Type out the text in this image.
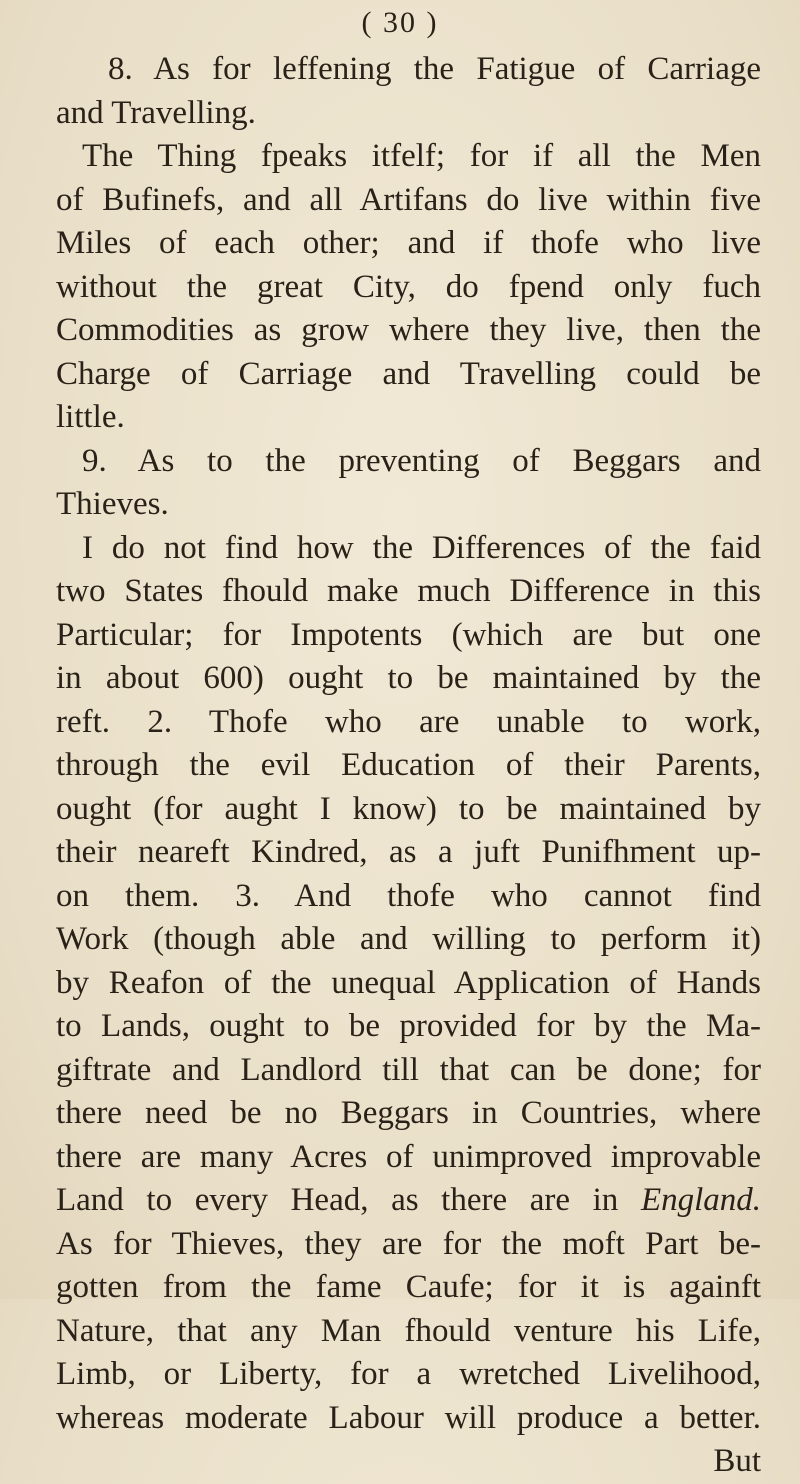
( 30 )
8. As for leffening the Fatigue of Carriage
and Travelling.
The Thing fpeaks itfelf; for if all the Men
of Bufinefs, and all Artifans do live within five
Miles of each other; and if thofe who live
without the great City, do fpend only fuch
Commodities as grow where they live, then the
Charge of Carriage and Travelling could be
little.
9. As to the preventing of Beggars and
Thieves.
I do not find how the Differences of the faid
two States fhould make much Difference in this
Particular; for Impotents (which are but one
in about 600) ought to be maintained by the
reft. 2. Thofe who are unable to work,
through the evil Education of their Parents,
ought (for aught I know) to be maintained by
their neareft Kindred, as a juft Punifhment up-
on them. 3. And thofe who cannot find
Work (though able and willing to perform it)
by Reafon of the unequal Application of Hands
to Lands, ought to be provided for by the Ma-
giftrate and Landlord till that can be done; for
there need be no Beggars in Countries, where
there are many Acres of unimproved improvable
Land to every Head, as there are in England.
As for Thieves, they are for the moft Part be-
gotten from the fame Caufe; for it is againft
Nature, that any Man fhould venture his Life,
Limb, or Liberty, for a wretched Livelihood,
whereas moderate Labour will produce a better.
But
